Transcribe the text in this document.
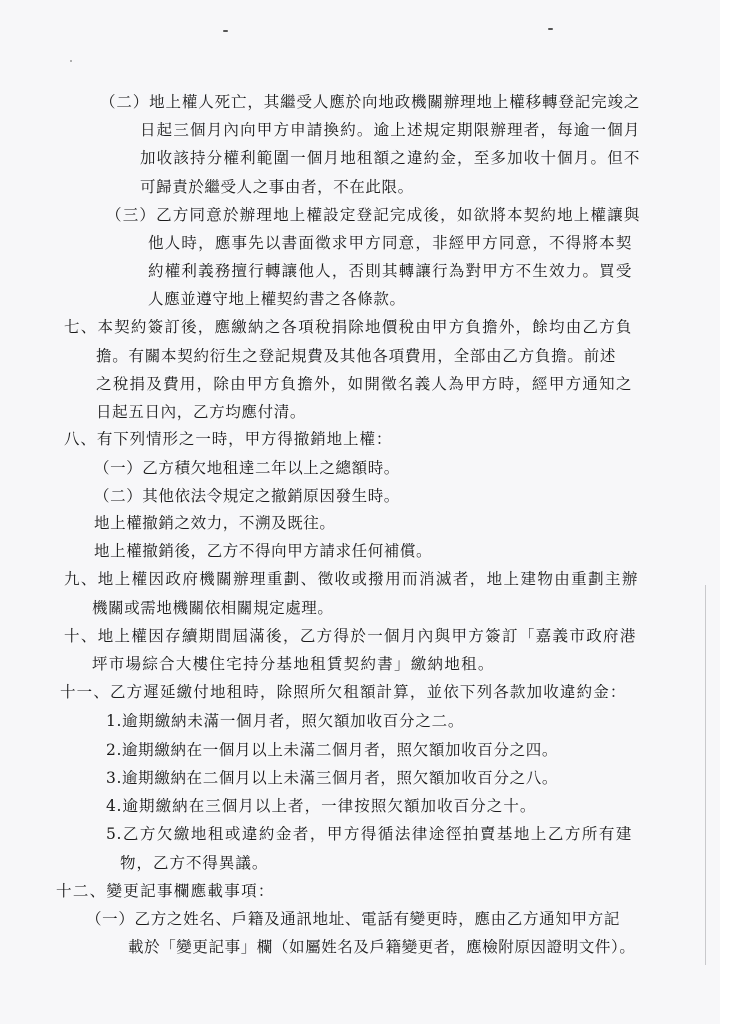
（二）地上權人死亡，其繼受人應於向地政機關辦理地上權移轉登記完竣之
日起三個月內向甲方申請換約。逾上述規定期限辦理者，每逾一個月
加收該持分權利範圍一個月地租額之違約金，至多加收十個月。但不
可歸責於繼受人之事由者，不在此限。
（三）乙方同意於辦理地上權設定登記完成後，如欲將本契約地上權讓與
他人時，應事先以書面徵求甲方同意，非經甲方同意，不得將本契
約權利義務擅行轉讓他人，否則其轉讓行為對甲方不生效力。買受
人應並遵守地上權契約書之各條款。
七、本契約簽訂後，應繳納之各項稅捐除地價稅由甲方負擔外，餘均由乙方負
擔。有關本契約衍生之登記規費及其他各項費用，全部由乙方負擔。前述
之稅捐及費用，除由甲方負擔外，如開徵名義人為甲方時，經甲方通知之
日起五日內，乙方均應付清。
八、有下列情形之一時，甲方得撤銷地上權：
（一）乙方積欠地租達二年以上之總額時。
（二）其他依法令規定之撤銷原因發生時。
地上權撤銷之效力，不溯及既往。
地上權撤銷後，乙方不得向甲方請求任何補償。
九、地上權因政府機關辦理重劃、徵收或撥用而消滅者，地上建物由重劃主辦
機關或需地機關依相關規定處理。
十、地上權因存續期間屆滿後，乙方得於一個月內與甲方簽訂「嘉義市政府港
坪市場綜合大樓住宅持分基地租賃契約書」繳納地租。
十一、乙方遲延繳付地租時，除照所欠租額計算，並依下列各款加收違約金：
1.逾期繳納未滿一個月者，照欠額加收百分之二。
2.逾期繳納在一個月以上未滿二個月者，照欠額加收百分之四。
3.逾期繳納在二個月以上未滿三個月者，照欠額加收百分之八。
4.逾期繳納在三個月以上者，一律按照欠額加收百分之十。
5.乙方欠繳地租或違約金者，甲方得循法律途徑拍賣基地上乙方所有建
物，乙方不得異議。
十二、變更記事欄應載事項：
（一）乙方之姓名、戶籍及通訊地址、電話有變更時，應由乙方通知甲方記
載於「變更記事」欄（如屬姓名及戶籍變更者，應檢附原因證明文件）。
